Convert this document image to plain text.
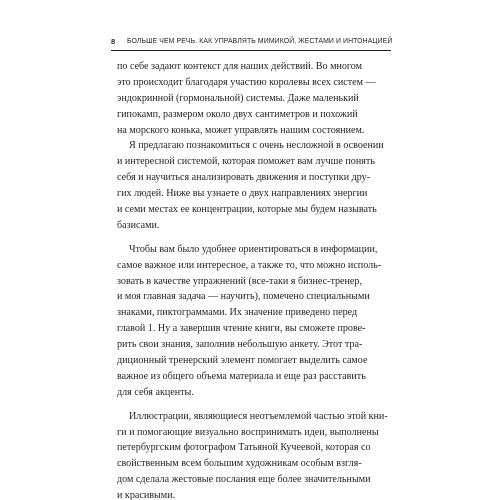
8 БОЛЬШЕ ЧЕМ РЕЧЬ. КАК УПРАВЛЯТЬ МИМИКОЙ, ЖЕСТАМИ И ИНТОНАЦИЕЙ
по себе задают контекст для наших действий. Во многом
это происходит благодаря участию королевы всех систем —
эндокринной (гормональной) системы. Даже маленький
гипокамп, размером около двух сантиметров и похожий
на морского конька, может управлять нашим состоянием.
Я предлагаю познакомиться с очень несложной в освоении
и интересной системой, которая поможет вам лучше понять
себя и научиться анализировать движения и поступки дру-
гих людей. Ниже вы узнаете о двух направлениях энергии
и семи местах ее концентрации, которые мы будем называть
базисами.
Чтобы вам было удобнее ориентироваться в информации,
самое важное или интересное, а также то, что можно исполь-
зовать в качестве упражнений (все-таки я бизнес-тренер,
и моя главная задача — научить), помечено специальными
знаками, пиктограммами. Их значение приведено перед
главой 1. Ну а завершив чтение книги, вы сможете прове-
рить свои знания, заполнив небольшую анкету. Этот тра-
диционный тренерский элемент помогает выделить самое
важное из общего объема материала и еще раз расставить
для себя акценты.
Иллюстрации, являющиеся неотъемлемой частью этой кни-
ги и помогающие визуально воспринимать идеи, выполнены
петербургским фотографом Татьяной Кучеевой, которая со
свойственным всем большим художникам особым взгля-
дом сделала жестовые послания еще более значительными
и красивыми.
